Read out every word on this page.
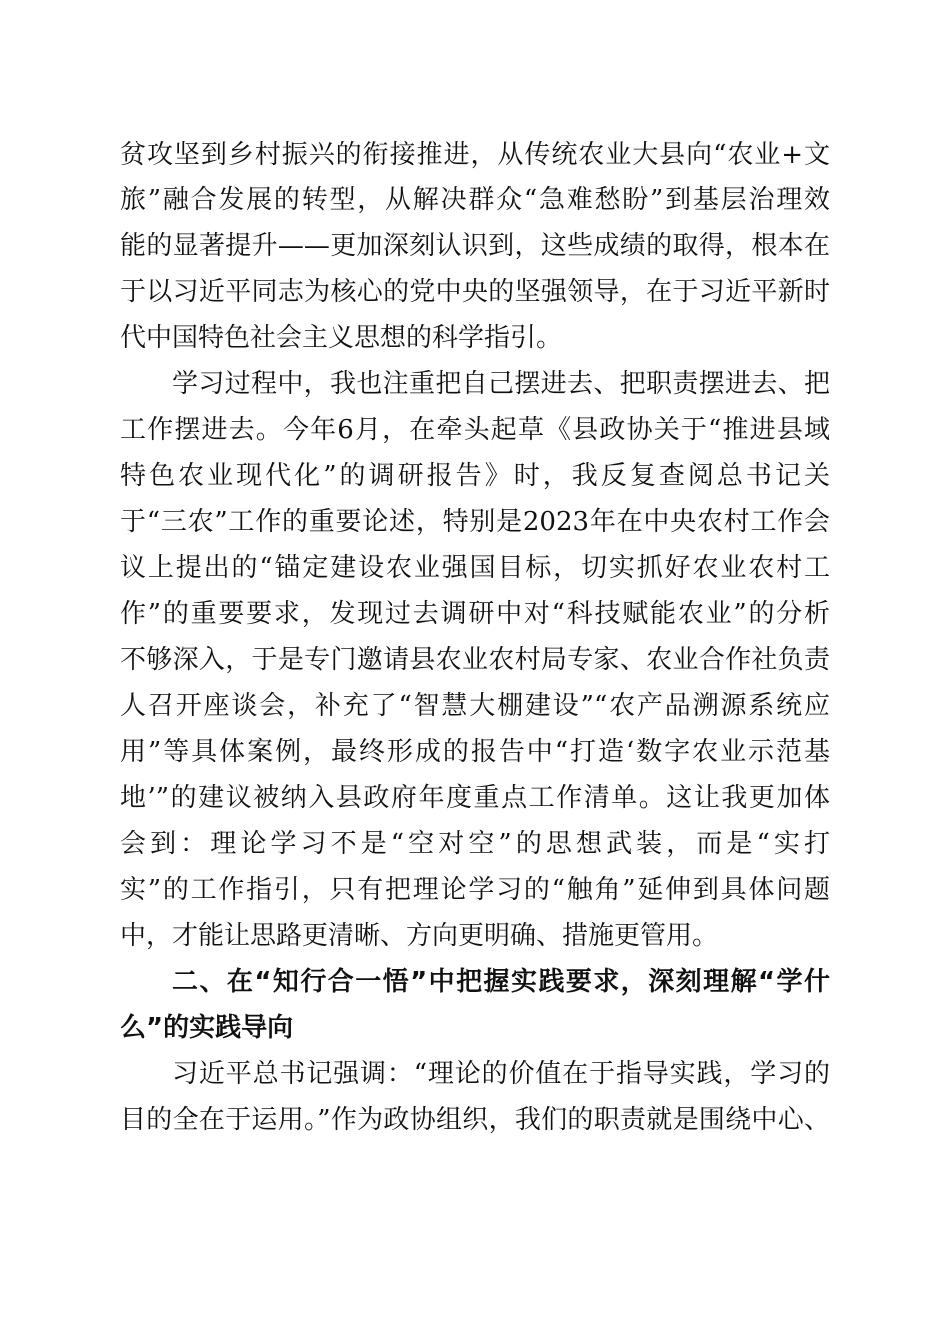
贫攻坚到乡村振兴的衔接推进，从传统农业大县向“农业+文
旅”融合发展的转型，从解决群众“急难愁盼”到基层治理效
能的显著提升——更加深刻认识到，这些成绩的取得，根本在
于以习近平同志为核心的党中央的坚强领导，在于习近平新时
代中国特色社会主义思想的科学指引。
学习过程中，我也注重把自己摆进去、把职责摆进去、把
工作摆进去。今年6月，在牵头起草《县政协关于“推进县域
特色农业现代化”的调研报告》时，我反复查阅总书记关
于“三农”工作的重要论述，特别是2023年在中央农村工作会
议上提出的“锚定建设农业强国目标，切实抓好农业农村工
作”的重要要求，发现过去调研中对“科技赋能农业”的分析
不够深入，于是专门邀请县农业农村局专家、农业合作社负责
人召开座谈会，补充了“智慧大棚建设”“农产品溯源系统应
用”等具体案例，最终形成的报告中“打造‘数字农业示范基
地’”的建议被纳入县政府年度重点工作清单。这让我更加体
会到：理论学习不是“空对空”的思想武装，而是“实打
实”的工作指引，只有把理论学习的“触角”延伸到具体问题
中，才能让思路更清晰、方向更明确、措施更管用。
二、在“知行合一悟”中把握实践要求，深刻理解“学什
么”的实践导向
习近平总书记强调：“理论的价值在于指导实践，学习的
目的全在于运用。”作为政协组织，我们的职责就是围绕中心、
